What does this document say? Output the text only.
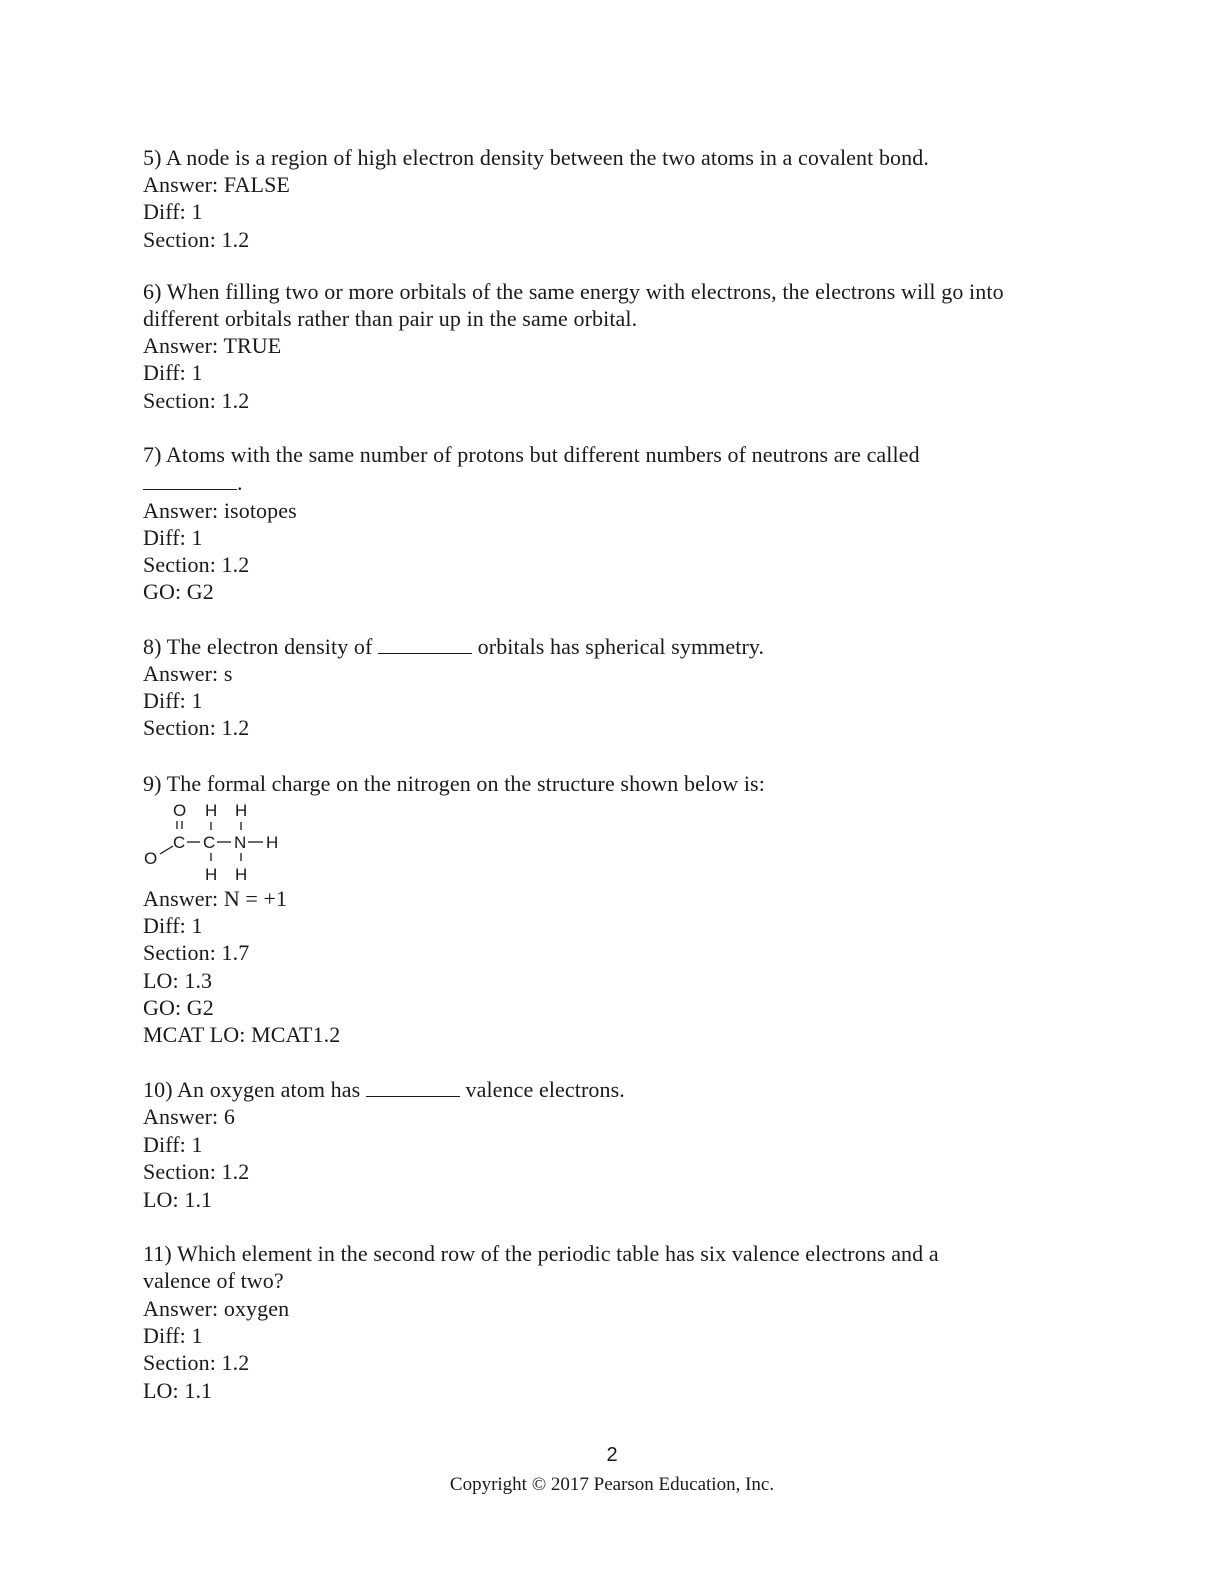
5) A node is a region of high electron density between the two atoms in a covalent bond.
Answer: FALSE
Diff: 1
Section: 1.2
6) When filling two or more orbitals of the same energy with electrons, the electrons will go into
different orbitals rather than pair up in the same orbital.
Answer: TRUE
Diff: 1
Section: 1.2
7) Atoms with the same number of protons but different numbers of neutrons are called
.
Answer: isotopes
Diff: 1
Section: 1.2
GO: G2
8) The electron density of	orbitals has spherical symmetry.
Answer: s
Diff: 1
Section: 1.2
9) The formal charge on the nitrogen on the structure shown below is:
O H H
C C N H
O
H H
Answer: N = +1
Diff: 1
Section: 1.7
LO: 1.3
GO: G2
MCAT LO: MCAT1.2
10) An oxygen atom has	valence electrons.
Answer: 6
Diff: 1
Section: 1.2
LO: 1.1
11) Which element in the second row of the periodic table has six valence electrons and a
valence of two?
Answer: oxygen
Diff: 1
Section: 1.2
LO: 1.1
2
Copyright © 2017 Pearson Education, Inc.
